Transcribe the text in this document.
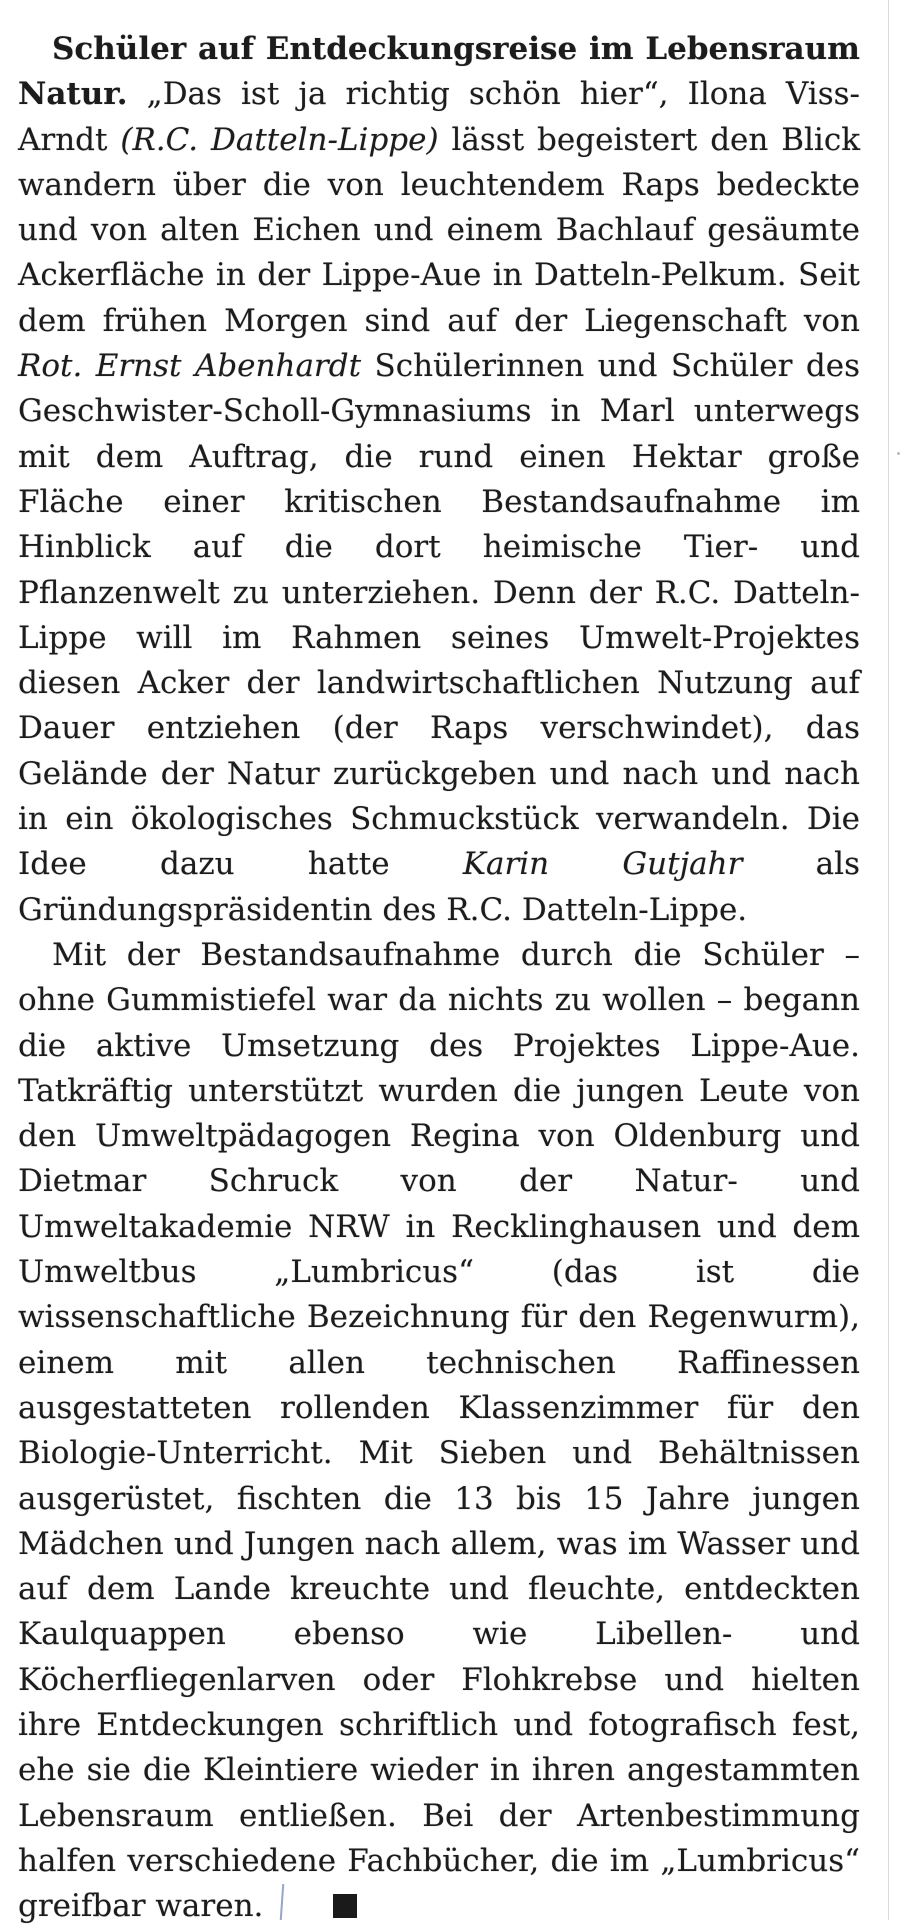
Schüler auf Entdeckungsreise im Lebensraum Natur. „Das ist ja richtig schön hier“, Ilona Viss-Arndt (R.C. Datteln-Lippe) lässt begeistert den Blick wandern über die von leuchtendem Raps bedeckte und von alten Eichen und einem Bachlauf gesäumte Ackerfläche in der Lippe-Aue in Datteln-Pelkum. Seit dem frühen Morgen sind auf der Liegenschaft von Rot. Ernst Abenhardt Schülerinnen und Schüler des Geschwister-Scholl-Gymnasiums in Marl unterwegs mit dem Auftrag, die rund einen Hektar große Fläche einer kritischen Bestandsaufnahme im Hinblick auf die dort heimische Tier- und Pflanzenwelt zu unterziehen. Denn der R.C. Datteln-Lippe will im Rahmen seines Umwelt-Projektes diesen Acker der landwirtschaftlichen Nutzung auf Dauer entziehen (der Raps verschwindet), das Gelände der Natur zurückgeben und nach und nach in ein ökologisches Schmuckstück verwandeln. Die Idee dazu hatte Karin Gutjahr als Gründungspräsidentin des R.C. Datteln-Lippe.

Mit der Bestandsaufnahme durch die Schüler – ohne Gummistiefel war da nichts zu wollen – begann die aktive Umsetzung des Projektes Lippe-Aue. Tatkräftig unterstützt wurden die jungen Leute von den Umweltpädagogen Regina von Oldenburg und Dietmar Schruck von der Natur- und Umweltakademie NRW in Recklinghausen und dem Umweltbus „Lumbricus“ (das ist die wissenschaftliche Bezeichnung für den Regenwurm), einem mit allen technischen Raffinessen ausgestatteten rollenden Klassenzimmer für den Biologie-Unterricht. Mit Sieben und Behältnissen ausgerüstet, fischten die 13 bis 15 Jahre jungen Mädchen und Jungen nach allem, was im Wasser und auf dem Lande kreuchte und fleuchte, entdeckten Kaulquappen ebenso wie Libellen- und Köcherfliegenlarven oder Flohkrebse und hielten ihre Entdeckungen schriftlich und fotografisch fest, ehe sie die Kleintiere wieder in ihren angestammten Lebensraum entließen. Bei der Artenbestimmung halfen verschiedene Fachbücher, die im „Lumbricus“ greifbar waren.
